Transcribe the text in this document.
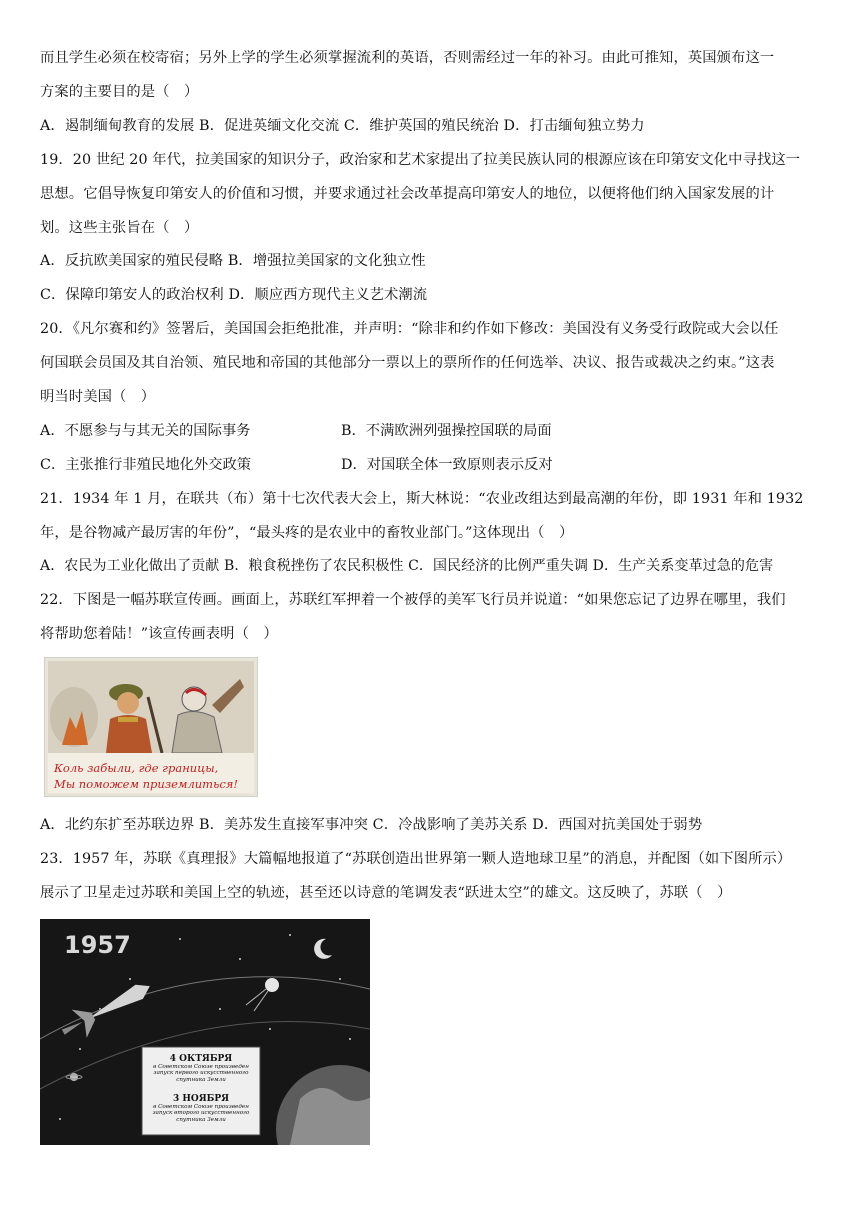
而且学生必须在校寄宿；另外上学的学生必须掌握流利的英语，否则需经过一年的补习。由此可推知，英国颁布这一
方案的主要目的是（　）
A．遏制缅甸教育的发展 B．促进英缅文化交流 C．维护英国的殖民统治 D．打击缅甸独立势力
19．20 世纪 20 年代，拉美国家的知识分子，政治家和艺术家提出了拉美民族认同的根源应该在印第安文化中寻找这一
思想。它倡导恢复印第安人的价值和习惯，并要求通过社会改革提高印第安人的地位，以便将他们纳入国家发展的计
划。这些主张旨在（　）
A．反抗欧美国家的殖民侵略 B．增强拉美国家的文化独立性
C．保障印第安人的政治权利 D．顺应西方现代主义艺术潮流
20．《凡尔赛和约》签署后，美国国会拒绝批准，并声明：“除非和约作如下修改：美国没有义务受行政院或大会以任
何国联会员国及其自治领、殖民地和帝国的其他部分一票以上的票所作的任何选举、决议、报告或裁决之约束。”这表
明当时美国（　）
A．不愿参与与其无关的国际事务	B．不满欧洲列强操控国联的局面
C．主张推行非殖民地化外交政策	D．对国联全体一致原则表示反对
21．1934 年 1 月，在联共（布）第十七次代表大会上，斯大林说：“农业改组达到最高潮的年份，即 1931 年和 1932
年，是谷物减产最厉害的年份”，“最头疼的是农业中的畜牧业部门。”这体现出（　）
A．农民为工业化做出了贡献 B．粮食税挫伤了农民积极性 C．国民经济的比例严重失调 D．生产关系变革过急的危害
22．下图是一幅苏联宣传画。画面上，苏联红军押着一个被俘的美军飞行员并说道：“如果您忘记了边界在哪里，我们
将帮助您着陆！”该宣传画表明（　）
Коль забыли, где границы,
Мы поможем приземлиться!
A．北约东扩至苏联边界 B．美苏发生直接军事冲突 C．冷战影响了美苏关系 D．西国对抗美国处于弱势
23．1957 年，苏联《真理报》大篇幅地报道了“苏联创造出世界第一颗人造地球卫星”的消息，并配图（如下图所示）
展示了卫星走过苏联和美国上空的轨迹，甚至还以诗意的笔调发表“跃进太空”的雄文。这反映了，苏联（　）
1957
4 ОКТЯБРЯ
в Советском Союзе произведен запуск первого искусственного спутника Земли
3 НОЯБРЯ
в Советском Союзе произведен запуск второго искусственного спутника Земли
